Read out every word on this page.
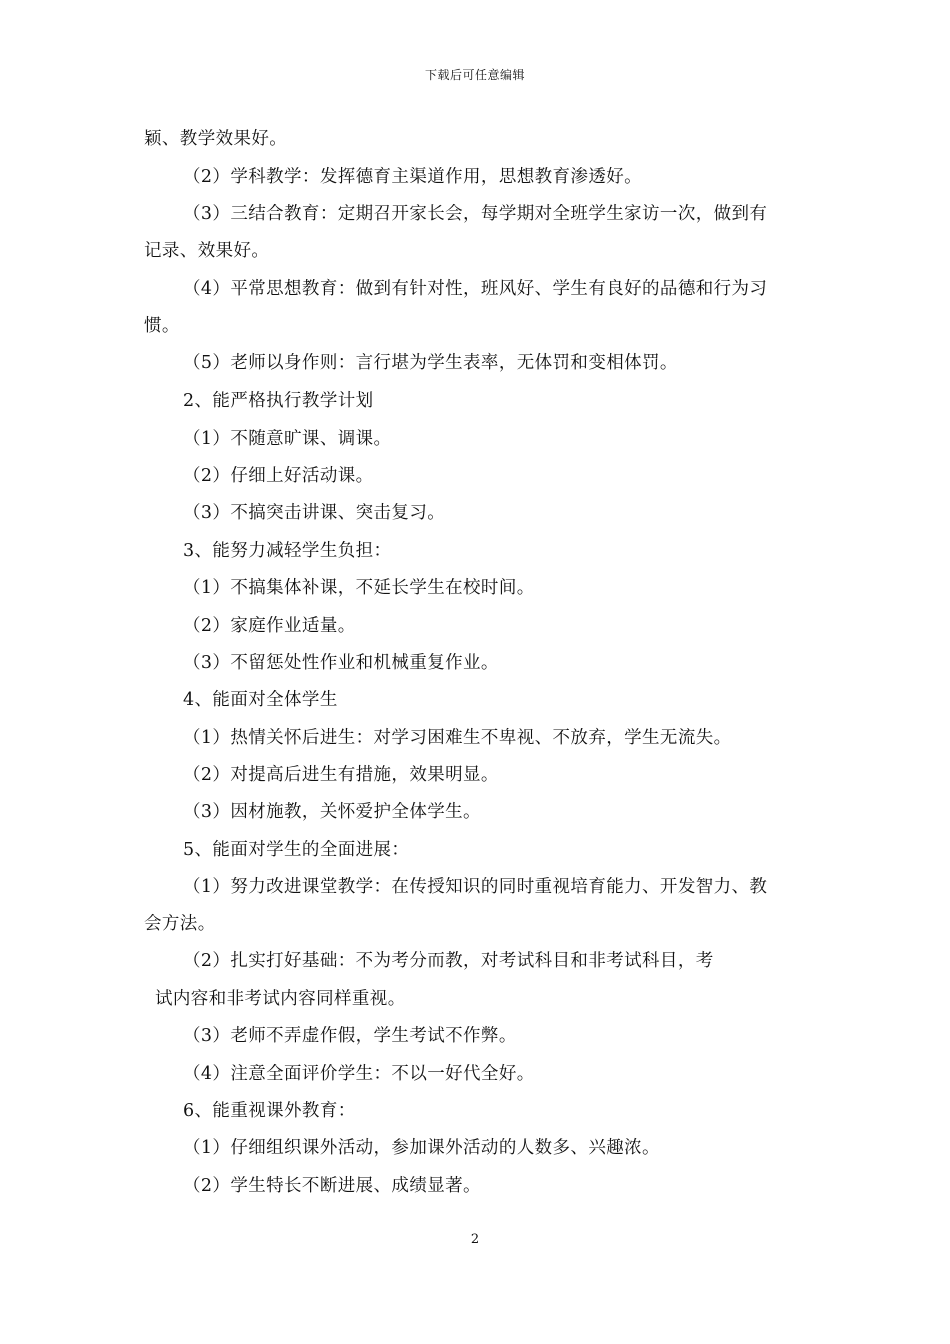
下载后可任意编辑
颖、教学效果好。
（2）学科教学：发挥德育主渠道作用，思想教育渗透好。
（3）三结合教育：定期召开家长会，每学期对全班学生家访一次，做到有
记录、效果好。
（4）平常思想教育：做到有针对性，班风好、学生有良好的品德和行为习
惯。
（5）老师以身作则：言行堪为学生表率，无体罚和变相体罚。
2、能严格执行教学计划
（1）不随意旷课、调课。
（2）仔细上好活动课。
（3）不搞突击讲课、突击复习。
3、能努力减轻学生负担：
（1）不搞集体补课，不延长学生在校时间。
（2）家庭作业适量。
（3）不留惩处性作业和机械重复作业。
4、能面对全体学生
（1）热情关怀后进生：对学习困难生不卑视、不放弃，学生无流失。
（2）对提高后进生有措施，效果明显。
（3）因材施教，关怀爱护全体学生。
5、能面对学生的全面进展：
（1）努力改进课堂教学：在传授知识的同时重视培育能力、开发智力、教
会方法。
（2）扎实打好基础：不为考分而教，对考试科目和非考试科目，考
试内容和非考试内容同样重视。
（3）老师不弄虚作假，学生考试不作弊。
（4）注意全面评价学生：不以一好代全好。
6、能重视课外教育：
（1）仔细组织课外活动，参加课外活动的人数多、兴趣浓。
（2）学生特长不断进展、成绩显著。
2
